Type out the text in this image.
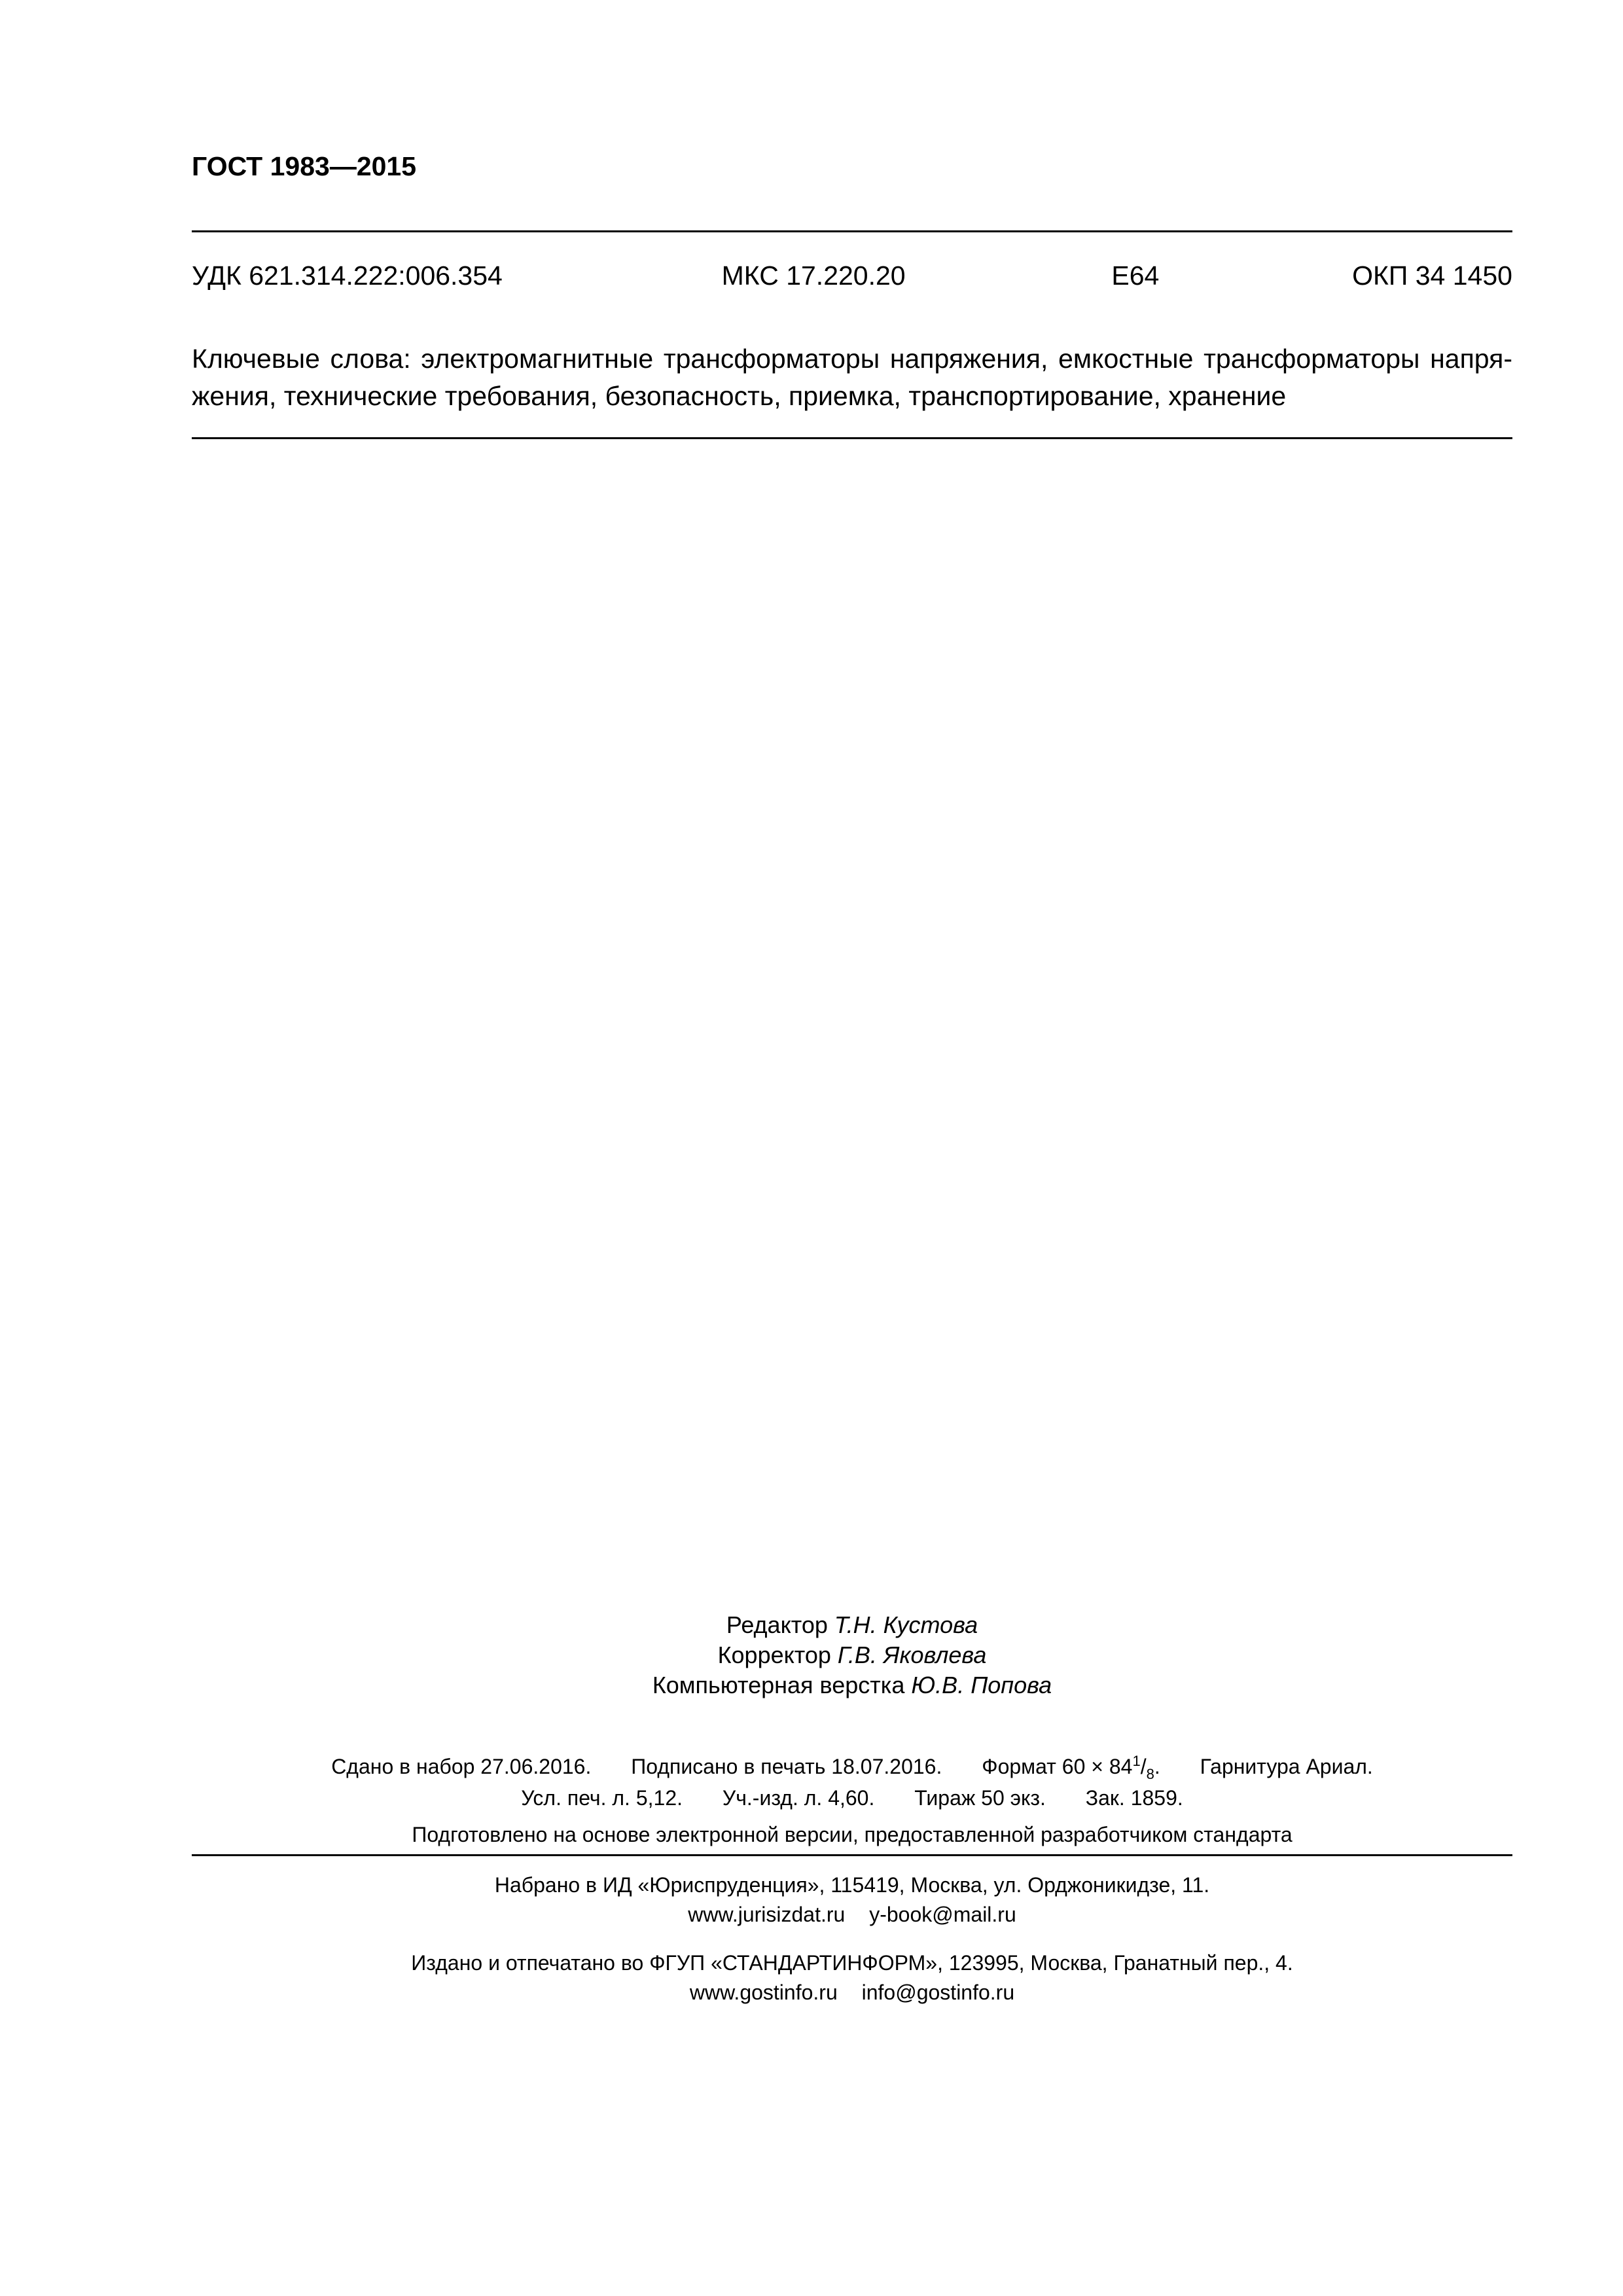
ГОСТ 1983—2015
УДК 621.314.222:006.354	МКС 17.220.20	Е64	ОКП 34 1450
Ключевые слова: электромагнитные трансформаторы напряжения, емкостные трансформаторы напря-
жения, технические требования, безопасность, приемка, транспортирование, хранение
Редактор Т.Н. Кустова
Корректор Г.В. Яковлева
Компьютерная верстка Ю.В. Попова
Сдано в набор 27.06.2016. Подписано в печать 18.07.2016. Формат $60 \times 84^1/_8$. Гарнитура Ариал.
Усл. печ. л. 5,12. Уч.-изд. л. 4,60. Тираж 50 экз. Зак. 1859.
Подготовлено на основе электронной версии, предоставленной разработчиком стандарта
Набрано в ИД «Юриспруденция», 115419, Москва, ул. Орджоникидзе, 11.
www.jurisizdat.ru y-book@mail.ru
Издано и отпечатано во ФГУП «СТАНДАРТИНФОРМ», 123995, Москва, Гранатный пер., 4.
www.gostinfo.ru info@gostinfo.ru
